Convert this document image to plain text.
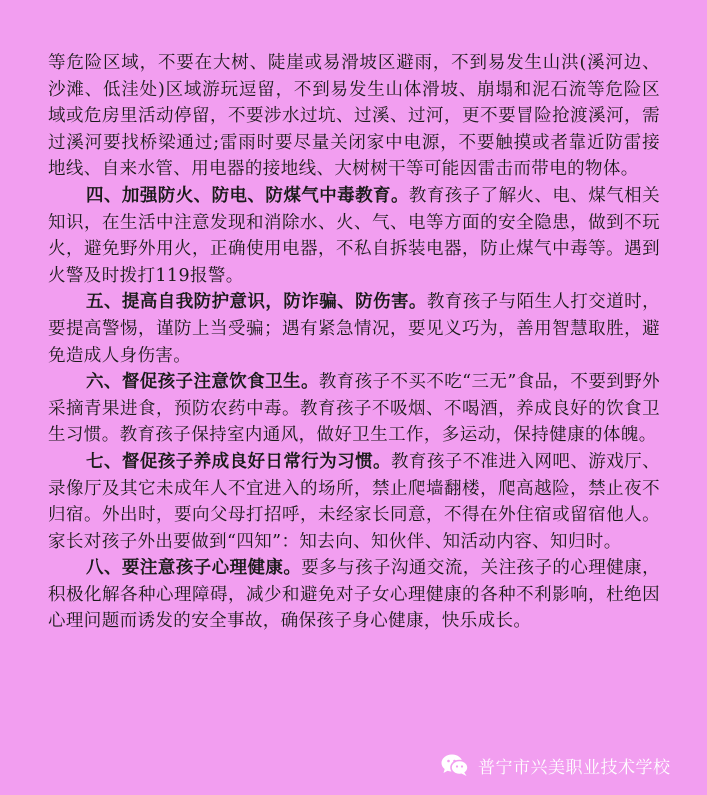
等危险区域，不要在大树、陡崖或易滑坡区避雨，不到易发生山洪(溪河边、沙滩、低洼处)区域游玩逗留，不到易发生山体滑坡、崩塌和泥石流等危险区域或危房里活动停留，不要涉水过坑、过溪、过河，更不要冒险抢渡溪河，需过溪河要找桥梁通过;雷雨时要尽量关闭家中电源，不要触摸或者靠近防雷接地线、自来水管、用电器的接地线、大树树干等可能因雷击而带电的物体。

四、加强防火、防电、防煤气中毒教育。教育孩子了解火、电、煤气相关知识，在生活中注意发现和消除水、火、气、电等方面的安全隐患，做到不玩火，避免野外用火，正确使用电器，不私自拆装电器，防止煤气中毒等。遇到火警及时拨打119报警。

五、提高自我防护意识，防诈骗、防伤害。教育孩子与陌生人打交道时，要提高警惕，谨防上当受骗；遇有紧急情况，要见义巧为，善用智慧取胜，避免造成人身伤害。

六、督促孩子注意饮食卫生。教育孩子不买不吃“三无”食品，不要到野外采摘青果进食，预防农药中毒。教育孩子不吸烟、不喝酒，养成良好的饮食卫生习惯。教育孩子保持室内通风，做好卫生工作，多运动，保持健康的体魄。

七、督促孩子养成良好日常行为习惯。教育孩子不准进入网吧、游戏厅、录像厅及其它未成年人不宜进入的场所，禁止爬墙翻楼，爬高越险，禁止夜不归宿。外出时，要向父母打招呼，未经家长同意，不得在外住宿或留宿他人。家长对孩子外出要做到“四知”：知去向、知伙伴、知活动内容、知归时。

八、要注意孩子心理健康。要多与孩子沟通交流，关注孩子的心理健康，积极化解各种心理障碍，减少和避免对子女心理健康的各种不利影响，杜绝因心理问题而诱发的安全事故，确保孩子身心健康，快乐成长。

普宁市兴美职业技术学校
